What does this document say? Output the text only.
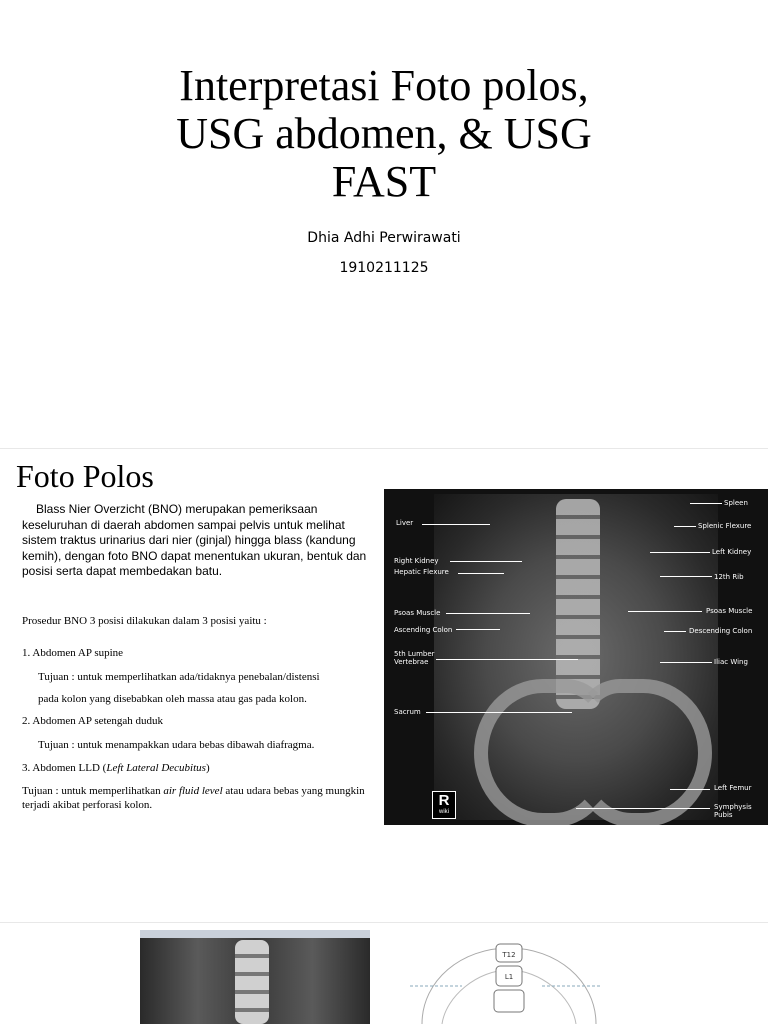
Interpretasi Foto polos,
USG abdomen, & USG
FAST
Dhia Adhi Perwirawati
1910211125
Foto Polos
Blass Nier Overzicht (BNO) merupakan pemeriksaan keseluruhan di daerah abdomen sampai pelvis untuk melihat sistem traktus urinarius dari nier (ginjal) hingga blass (kandung kemih), dengan foto BNO dapat menentukan ukuran, bentuk dan posisi serta dapat membedakan batu.
Prosedur BNO 3 posisi dilakukan dalam 3 posisi yaitu :
1. Abdomen AP supine
Tujuan : untuk memperlihatkan ada/tidaknya penebalan/distensi
pada kolon yang disebabkan oleh massa atau gas pada kolon.
2. Abdomen AP setengah duduk
Tujuan : untuk menampakkan udara bebas dibawah diafragma.
3. Abdomen LLD (Left Lateral Decubitus)
Tujuan : untuk memperlihatkan air fluid level atau udara bebas yang mungkin terjadi akibat perforasi kolon.
Liver
Right Kidney
Hepatic Flexure
Psoas Muscle
Ascending Colon
5th Lumber Vertebrae
Sacrum
Spleen
Splenic Flexure
Left Kidney
12th Rib
Psoas Muscle
Descending Colon
Iliac Wing
Left Femur
Symphysis Pubis
R
wiki
T12
L1
